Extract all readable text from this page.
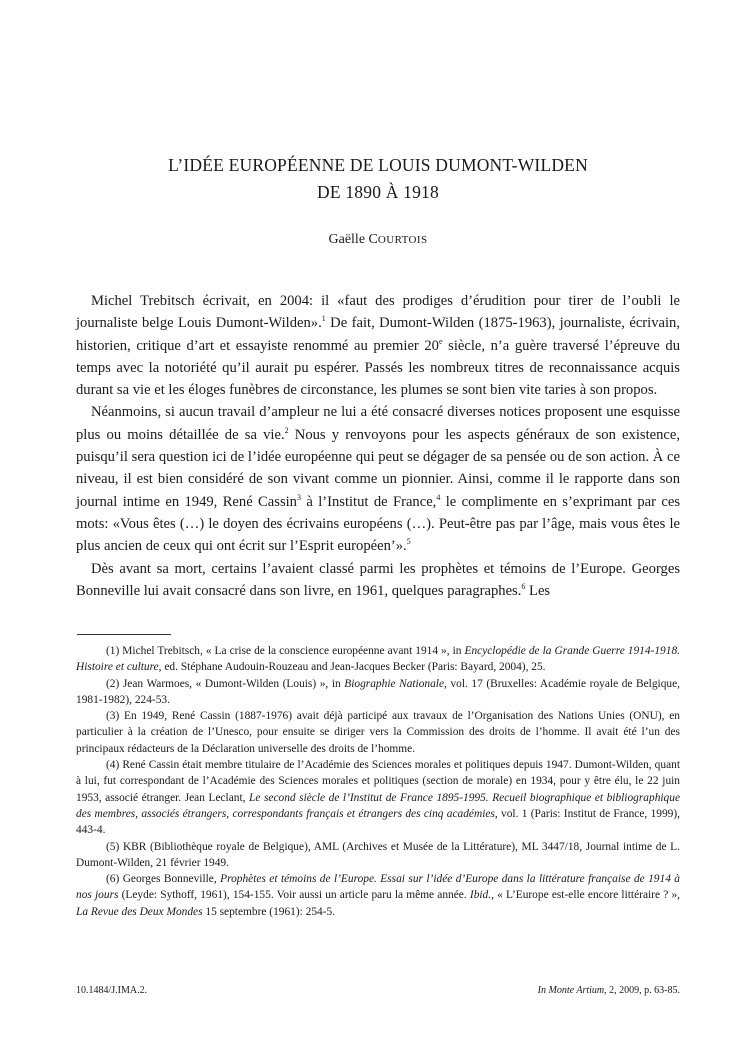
L’IDÉE EUROPÉENNE DE LOUIS DUMONT-WILDEN
DE 1890 À 1918
Gaëlle COURTOIS

Michel Trebitsch écrivait, en 2004: il «faut des prodiges d’érudition pour tirer de l’oubli le journaliste belge Louis Dumont-Wilden».$^1$ De fait, Dumont-Wilden (1875-1963), journaliste, écrivain, historien, critique d’art et essayiste renommé au premier 20e siècle, n’a guère traversé l’épreuve du temps avec la notoriété qu’il aurait pu espérer. Passés les nombreux titres de reconnaissance acquis durant sa vie et les éloges funèbres de circonstance, les plumes se sont bien vite taries à son propos.

Néanmoins, si aucun travail d’ampleur ne lui a été consacré diverses notices proposent une esquisse plus ou moins détaillée de sa vie.$^2$ Nous y renvoyons pour les aspects généraux de son existence, puisqu’il sera question ici de l’idée européenne qui peut se dégager de sa pensée ou de son action. À ce niveau, il est bien considéré de son vivant comme un pionnier. Ainsi, comme il le rapporte dans son journal intime en 1949, René Cassin$^3$ à l’Institut de France,$^4$ le complimente en s’exprimant par ces mots: «Vous êtes (…) le doyen des écrivains européens (…). Peut-être pas par l’âge, mais vous êtes le plus ancien de ceux qui ont écrit sur l’Esprit européen’».$^5$

Dès avant sa mort, certains l’avaient classé parmi les prophètes et témoins de l’Europe. Georges Bonneville lui avait consacré dans son livre, en 1961, quelques paragraphes.$^6$ Les

(1) Michel Trebitsch, « La crise de la conscience européenne avant 1914 », in Encyclopédie de la Grande Guerre 1914-1918. Histoire et culture, ed. Stéphane Audouin-Rouzeau and Jean-Jacques Becker (Paris: Bayard, 2004), 25.

(2) Jean Warmoes, « Dumont-Wilden (Louis) », in Biographie Nationale, vol. 17 (Bruxelles: Académie royale de Belgique, 1981-1982), 224-53.

(3) En 1949, René Cassin (1887-1976) avait déjà participé aux travaux de l’Organisation des Nations Unies (ONU), en particulier à la création de l’Unesco, pour ensuite se diriger vers la Commission des droits de l’homme. Il avait été l’un des principaux rédacteurs de la Déclaration universelle des droits de l’homme.

(4) René Cassin était membre titulaire de l’Académie des Sciences morales et politiques depuis 1947. Dumont-Wilden, quant à lui, fut correspondant de l’Académie des Sciences morales et politiques (section de morale) en 1934, pour y être élu, le 22 juin 1953, associé étranger. Jean Leclant, Le second siècle de l’Institut de France 1895-1995. Recueil biographique et bibliographique des membres, associés étrangers, correspondants français et étrangers des cinq académies, vol. 1 (Paris: Institut de France, 1999), 443-4.

(5) KBR (Bibliothèque royale de Belgique), AML (Archives et Musée de la Littérature), ML 3447/18, Journal intime de L. Dumont-Wilden, 21 février 1949.

(6) Georges Bonneville, Prophètes et témoins de l’Europe. Essai sur l’idée d’Europe dans la littérature française de 1914 à nos jours (Leyde: Sythoff, 1961), 154-155. Voir aussi un article paru la même année. Ibid., « L’Europe est-elle encore littéraire ? », La Revue des Deux Mondes 15 septembre (1961): 254-5.

10.1484/J.IMA.2.	In Monte Artium, 2, 2009, p. 63-85.
